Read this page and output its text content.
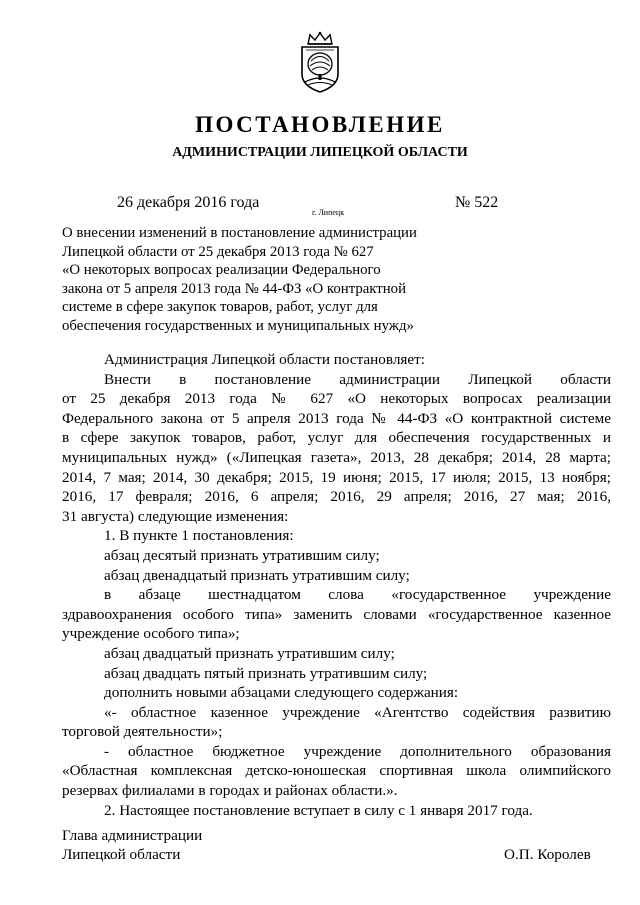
ПОСТАНОВЛЕНИЕ
АДМИНИСТРАЦИИ ЛИПЕЦКОЙ ОБЛАСТИ
26 декабря 2016 года
г. Липецк
№ 522
О внесении изменений в постановление администрации
Липецкой области от 25 декабря 2013 года № 627
«О некоторых вопросах реализации Федерального
закона от 5 апреля 2013 года № 44-ФЗ «О контрактной
системе в сфере закупок товаров, работ, услуг для
обеспечения государственных и муниципальных нужд»
Администрация Липецкой области постановляет:
Внести в постановление администрации Липецкой области
от 25 декабря 2013 года № 627 «О некоторых вопросах реализации
Федерального закона от 5 апреля 2013 года № 44-ФЗ «О контрактной системе
в сфере закупок товаров, работ, услуг для обеспечения государственных и
муниципальных нужд» («Липецкая газета», 2013, 28 декабря; 2014, 28 марта;
2014, 7 мая; 2014, 30 декабря; 2015, 19 июня; 2015, 17 июля; 2015, 13 ноября;
2016, 17 февраля; 2016, 6 апреля; 2016, 29 апреля; 2016, 27 мая; 2016,
31 августа) следующие изменения:
1. В пункте 1 постановления:
абзац десятый признать утратившим силу;
абзац двенадцатый признать утратившим силу;
в абзаце шестнадцатом слова «государственное учреждение
здравоохранения особого типа» заменить словами «государственное казенное
учреждение особого типа»;
абзац двадцатый признать утратившим силу;
абзац двадцать пятый признать утратившим силу;
дополнить новыми абзацами следующего содержания:
«- областное казенное учреждение «Агентство содействия развитию
торговой деятельности»;
- областное бюджетное учреждение дополнительного образования
«Областная комплексная детско-юношеская спортивная школа олимпийского
резервах филиалами в городах и районах области.».
2. Настоящее постановление вступает в силу с 1 января 2017 года.
Глава администрации
Липецкой области	О.П. Королев
